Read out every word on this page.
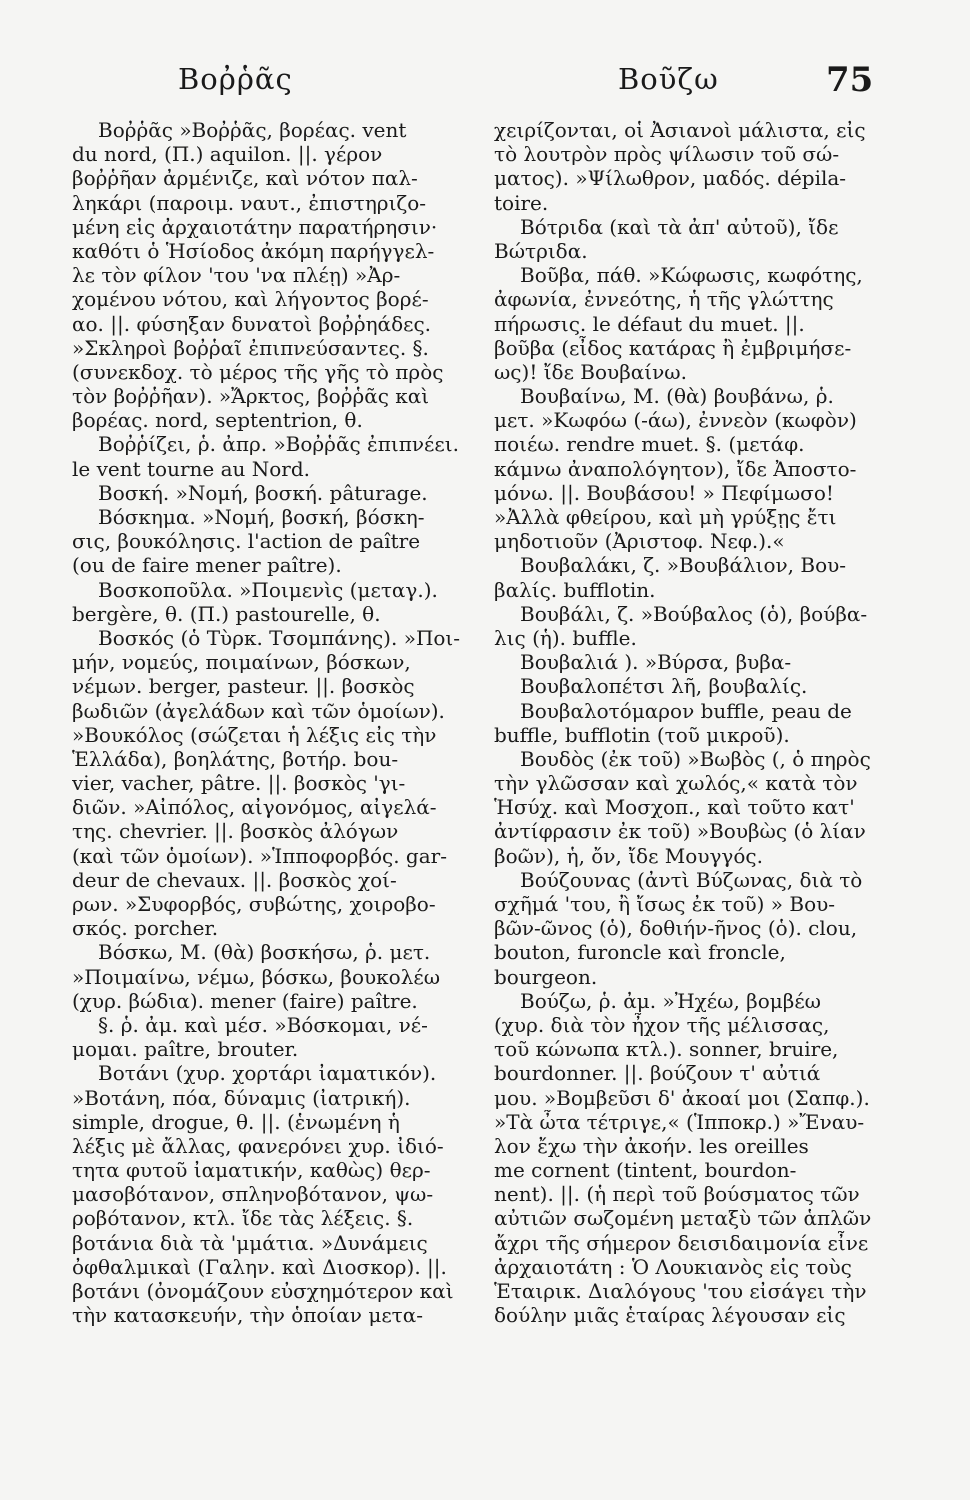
Βοῤῥᾶς	Βοῦζω	75
Βοῤῥᾶς »Βοῤῥᾶς, βορέας. vent
du nord, (Π.) aquilon. ||. γέρον
βοῤῥῆαν ἀρμένιζε, καὶ νότον παλ-
ληκάρι (παροιμ. ναυτ., ἐπιστηριζο-
μένη εἰς ἀρχαιοτάτην παρατήρησιν·
καθότι ὁ Ἡσίοδος ἀκόμη παρήγγελ-
λε τὸν φίλον 'του 'να πλέῃ) »Ἀρ-
χομένου νότου, καὶ λήγοντος βορέ-
αο. ||. φύσηξαν δυνατοὶ βοῤῥηάδες.
»Σκληροὶ βοῤῥαῖ ἐπιπνεύσαντες. §.
(συνεκδοχ. τὸ μέρος τῆς γῆς τὸ πρὸς
τὸν βοῤῥῆαν). »Ἄρκτος, βοῤῥᾶς καὶ
βορέας. nord, septentrion, θ.
Βοῤῥίζει, ῥ. ἀπρ. »Βοῤῥᾶς ἐπιπνέει.
le vent tourne au Nord.
Βοσκή. »Νομή, βοσκή. pâturage.
Βόσκημα. »Νομή, βοσκή, βόσκη-
σις, βουκόλησις. l'action de paître
(ou de faire mener paître).
Βοσκοποῦλα. »Ποιμενὶς (μεταγ.).
bergère, θ. (Π.) pastourelle, θ.
Βοσκός (ὁ Τὺρκ. Τσομπάνης). »Ποι-
μήν, νομεύς, ποιμαίνων, βόσκων,
νέμων. berger, pasteur. ||. βοσκὸς
βωδιῶν (ἀγελάδων καὶ τῶν ὁμοίων).
»Βουκόλος (σώζεται ἡ λέξις εἰς τὴν
Ἑλλάδα), βοηλάτης, βοτήρ. bou-
vier, vacher, pâtre. ||. βοσκὸς 'γι-
διῶν. »Αἰπόλος, αἰγονόμος, αἰγελά-
της. chevrier. ||. βοσκὸς ἀλόγων
(καὶ τῶν ὁμοίων). »Ἱπποφορβός. gar-
deur de chevaux. ||. βοσκὸς χοί-
ρων. »Συφορβός, συβώτης, χοιροβο-
σκός. porcher.
Βόσκω, Μ. (θὰ) βοσκήσω, ῥ. μετ.
»Ποιμαίνω, νέμω, βόσκω, βουκολέω
(χυρ. βώδια). mener (faire) paître.
§. ῥ. ἀμ. καὶ μέσ. »Βόσκομαι, νέ-
μομαι. paître, brouter.
Βοτάνι (χυρ. χορτάρι ἰαματικόν).
»Βοτάνη, πόα, δύναμις (ἰατρική).
simple, drogue, θ. ||. (ἑνωμένη ἡ
λέξις μὲ ἄλλας, φανερόνει χυρ. ἰδιό-
τητα φυτοῦ ἰαματικήν, καθὼς) θερ-
μασοβότανον, σπληνοβότανον, ψω-
ροβότανον, κτλ. ἴδε τὰς λέξεις. §.
βοτάνια διὰ τὰ 'μμάτια. »Δυνάμεις
ὀφθαλμικαὶ (Γαλην. καὶ Διοσκορ). ||.
βοτάνι (ὀνομάζουν εὐσχημότερον καὶ
τὴν κατασκευήν, τὴν ὁποίαν μετα-
χειρίζονται, οἱ Ἀσιανοὶ μάλιστα, εἰς
τὸ λουτρὸν πρὸς ψίλωσιν τοῦ σώ-
ματος). »Ψίλωθρον, μαδός. dépila-
toire.
Βότριδα (καὶ τὰ ἀπ' αὐτοῦ), ἴδε
Βώτριδα.
Βοῦβα, πάθ. »Κώφωσις, κωφότης,
ἀφωνία, ἐννεότης, ἡ τῆς γλώττης
πήρωσις. le défaut du muet. ||.
βοῦβα (εἶδος κατάρας ἢ ἐμβριμήσε-
ως)! ἴδε Βουβαίνω.
Βουβαίνω, Μ. (θὰ) βουβάνω, ῥ.
μετ. »Κωφόω (-άω), ἐννεὸν (κωφὸν)
ποιέω. rendre muet. §. (μετάφ.
κάμνω ἀναπολόγητον), ἴδε Ἀποστο-
μόνω. ||. Βουβάσου! » Πεφίμωσο!
»Ἀλλὰ φθείρου, καὶ μὴ γρύξῃς ἔτι
μηδοτιοῦν (Ἀριστοφ. Νεφ.).«
Βουβαλάκι, ζ. »Βουβάλιον, Βου-
βαλίς. bufflotin.
Βουβάλι, ζ. »Βούβαλος (ὁ), βούβα-
λις (ἡ). buffle.
Βουβαλιά ). »Βύρσα, βυβα-
Βουβαλοπέτσι λῆ, βουβαλίς.
Βουβαλοτόμαρον buffle, peau de
buffle, bufflotin (τοῦ μικροῦ).
Βουδὸς (ἐκ τοῦ) »Βωβὸς (, ὁ πηρὸς
τὴν γλῶσσαν καὶ χωλός,« κατὰ τὸν
Ἡσύχ. καὶ Μοσχοπ., καὶ τοῦτο κατ'
ἀντίφρασιν ἐκ τοῦ) »Βουβὼς (ὁ λίαν
βοῶν), ἡ, ὄν, ἴδε Μουγγός.
Βούζουνας (ἀντὶ Βύζωνας, διὰ τὸ
σχῆμά 'του, ἢ ἴσως ἐκ τοῦ) » Βου-
βῶν-ῶνος (ὁ), δοθιήν-ῆνος (ὁ). clou,
bouton, furoncle καὶ froncle,
bourgeon.
Βούζω, ῥ. ἀμ. »Ἠχέω, βομβέω
(χυρ. διὰ τὸν ἦχον τῆς μέλισσας,
τοῦ κώνωπα κτλ.). sonner, bruire,
bourdonner. ||. βούζουν τ' αὐτιά
μου. »Βομβεῦσι δ' ἀκοαί μοι (Σαπφ.).
»Τὰ ὦτα τέτριγε,« (Ἱπποκρ.) »Ἔναυ-
λον ἔχω τὴν ἀκοήν. les oreilles
me cornent (tintent, bourdon-
nent). ||. (ἡ περὶ τοῦ βούσματος τῶν
αὐτιῶν σωζομένη μεταξὺ τῶν ἁπλῶν
ἄχρι τῆς σήμερον δεισιδαιμονία εἶνε
ἀρχαιοτάτη : Ὁ Λουκιανὸς εἰς τοὺς
Ἑταιρικ. Διαλόγους 'του εἰσάγει τὴν
δούλην μιᾶς ἑταίρας λέγουσαν εἰς
